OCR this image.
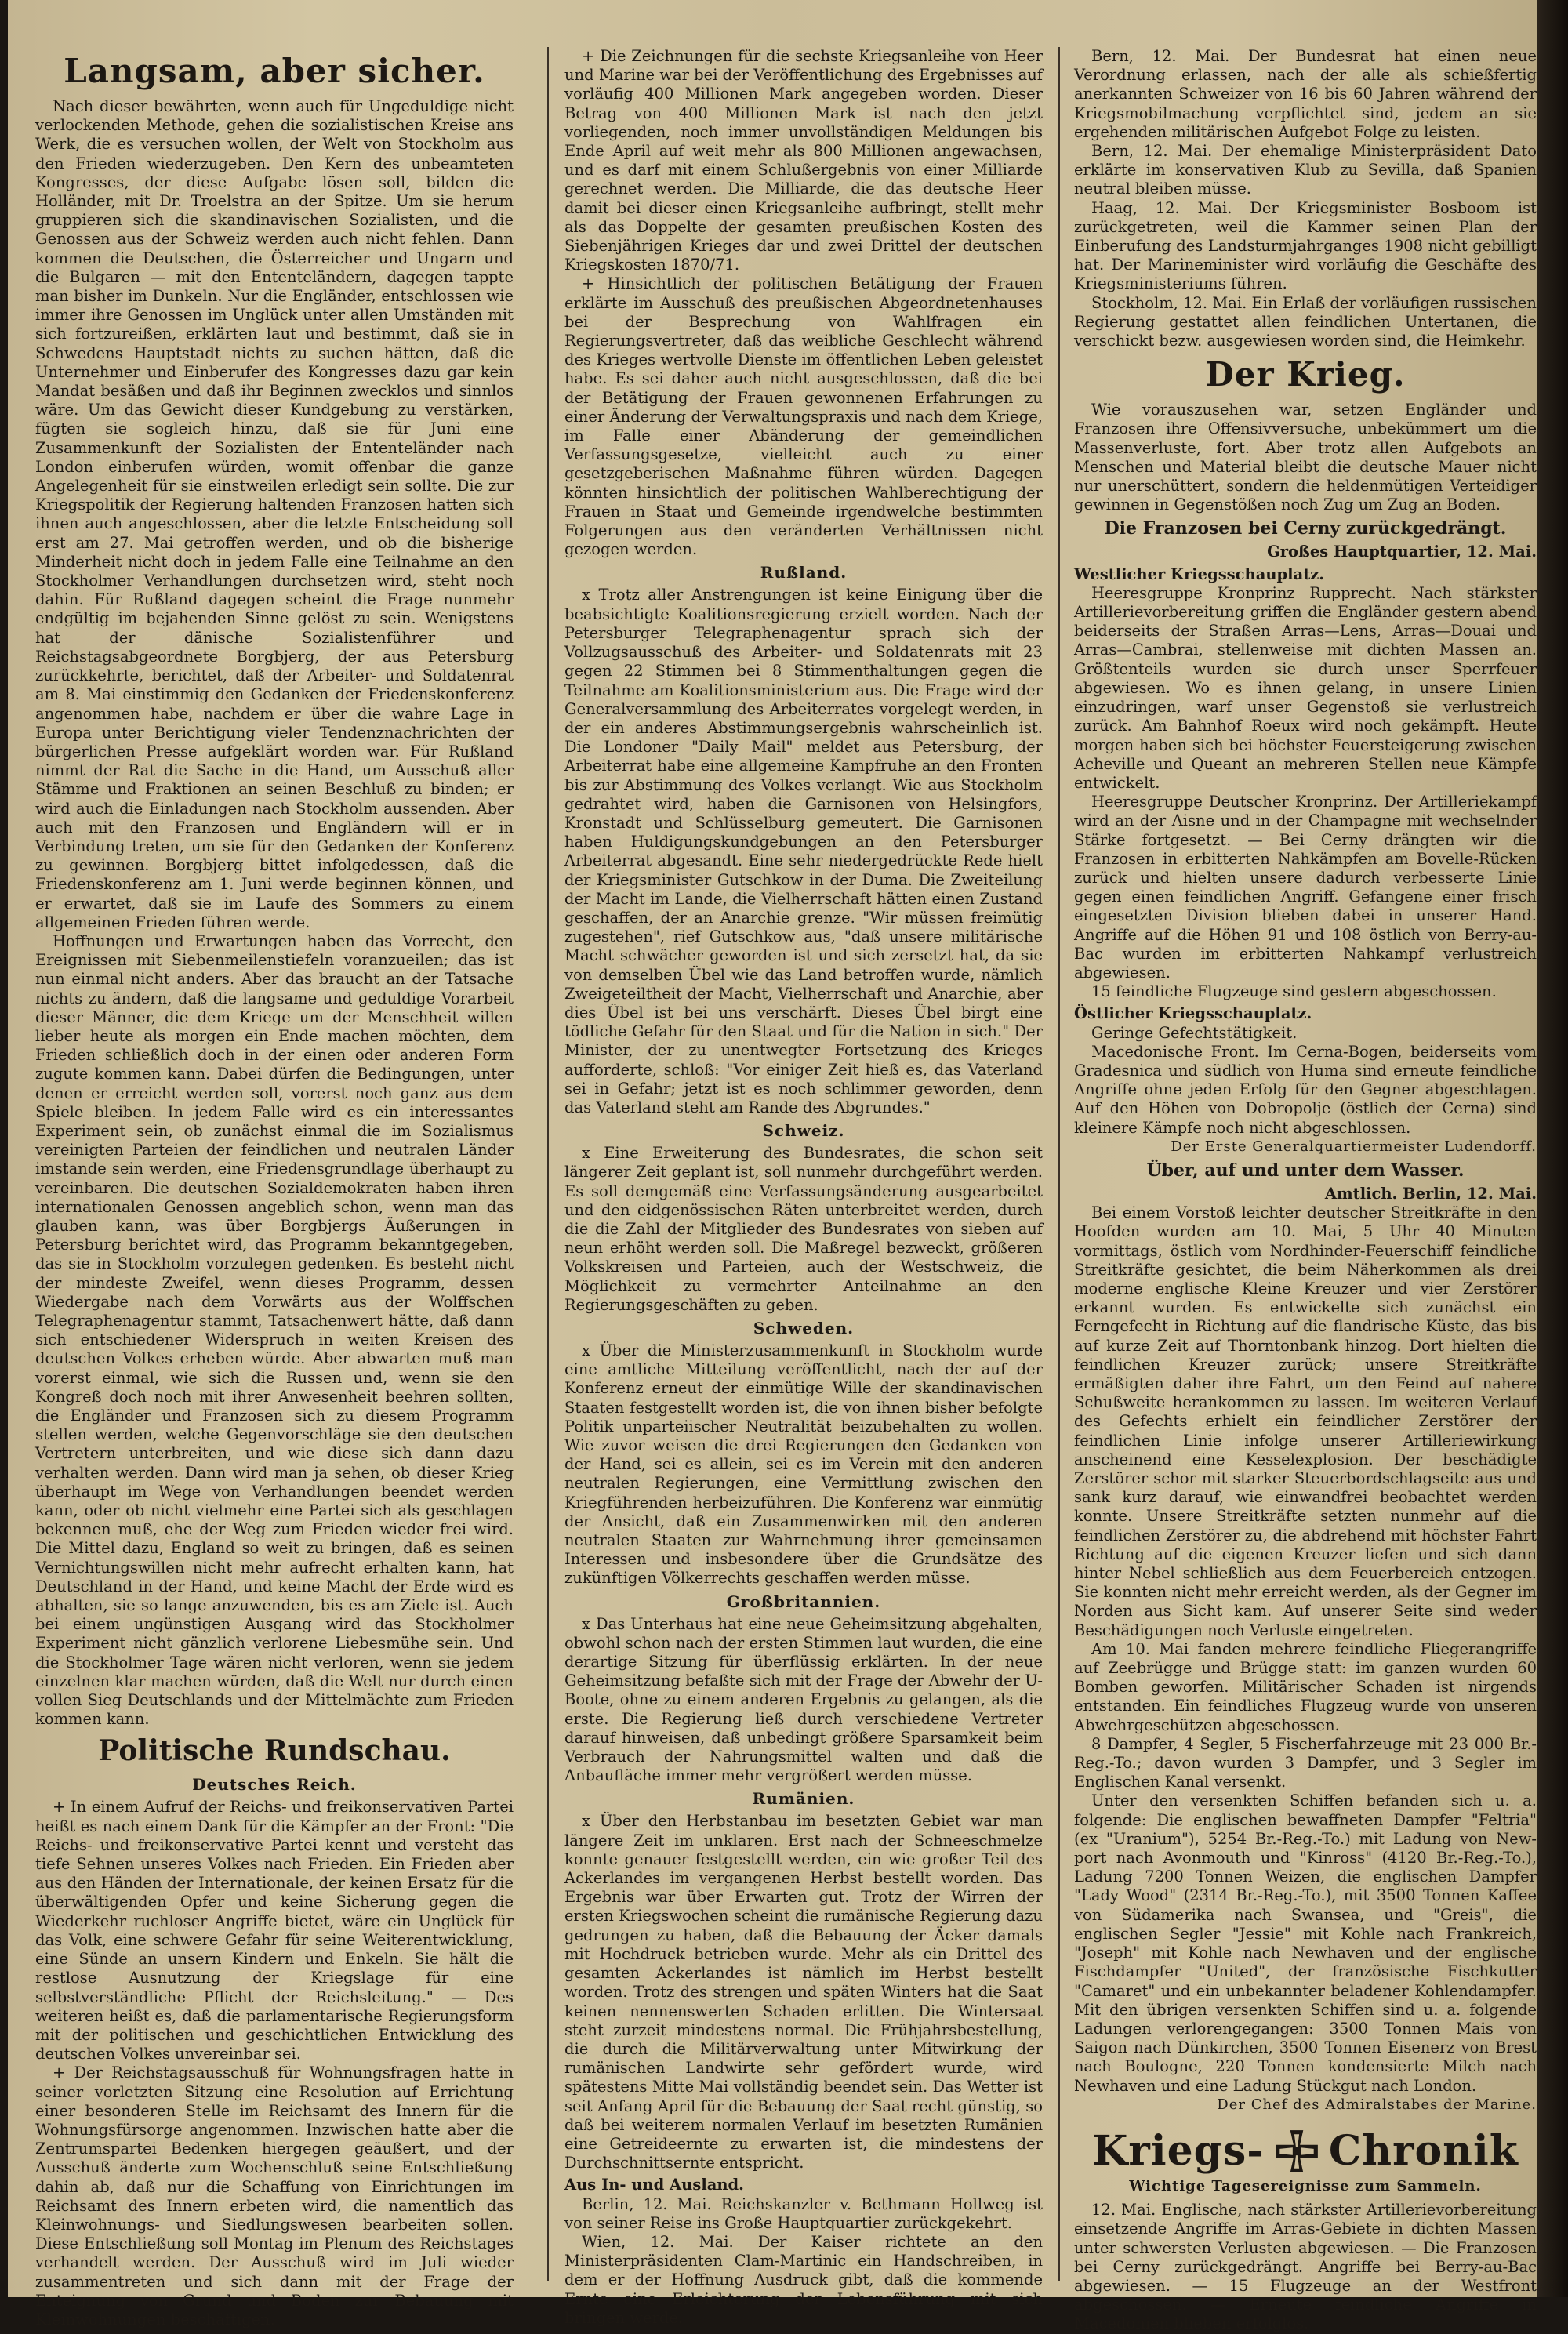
Langsam, aber sicher.

Nach dieser bewährten, wenn auch für Ungeduldige nicht verlockenden Methode, gehen die sozialistischen Kreise ans Werk, die es versuchen wollen, der Welt von Stockholm aus den Frieden wiederzugeben. Den Kern des unbeamteten Kongresses, der diese Aufgabe lösen soll, bilden die Holländer, mit Dr. Troelstra an der Spitze. Um sie herum gruppieren sich die skandinavischen Sozialisten, und die Genossen aus der Schweiz werden auch nicht fehlen. Dann kommen die Deutschen, die Österreicher und Ungarn und die Bulgaren — mit den Ententeländern, dagegen tappte man bisher im Dunkeln. Nur die Engländer, entschlossen wie immer ihre Genossen im Unglück unter allen Umständen mit sich fortzureißen, erklärten laut und bestimmt, daß sie in Schwedens Hauptstadt nichts zu suchen hätten, daß die Unternehmer und Einberufer des Kongresses dazu gar kein Mandat besäßen und daß ihr Beginnen zwecklos und sinnlos wäre. Um das Gewicht dieser Kundgebung zu verstärken, fügten sie sogleich hinzu, daß sie für Juni eine Zusammenkunft der Sozialisten der Ententeländer nach London einberufen würden, womit offenbar die ganze Angelegenheit für sie einstweilen erledigt sein sollte. Die zur Kriegspolitik der Regierung haltenden Franzosen hatten sich ihnen auch angeschlossen, aber die letzte Entscheidung soll erst am 27. Mai getroffen werden, und ob die bisherige Minderheit nicht doch in jedem Falle eine Teilnahme an den Stockholmer Verhandlungen durchsetzen wird, steht noch dahin. Für Rußland dagegen scheint die Frage nunmehr endgültig im bejahenden Sinne gelöst zu sein. Wenigstens hat der dänische Sozialistenführer und Reichstagsabgeordnete Borgbjerg, der aus Petersburg zurückkehrte, berichtet, daß der Arbeiter- und Soldatenrat am 8. Mai einstimmig den Gedanken der Friedenskonferenz angenommen habe, nachdem er über die wahre Lage in Europa unter Berichtigung vieler Tendenznachrichten der bürgerlichen Presse aufgeklärt worden war. Für Rußland nimmt der Rat die Sache in die Hand, um Ausschuß aller Stämme und Fraktionen an seinen Beschluß zu binden; er wird auch die Einladungen nach Stockholm aussenden. Aber auch mit den Franzosen und Engländern will er in Verbindung treten, um sie für den Gedanken der Konferenz zu gewinnen. Borgbjerg bittet infolgedessen, daß die Friedenskonferenz am 1. Juni werde beginnen können, und er erwartet, daß sie im Laufe des Sommers zu einem allgemeinen Frieden führen werde.

Hoffnungen und Erwartungen haben das Vorrecht, den Ereignissen mit Siebenmeilenstiefeln voranzueilen; das ist nun einmal nicht anders. Aber das braucht an der Tatsache nichts zu ändern, daß die langsame und geduldige Vorarbeit dieser Männer, die dem Kriege um der Menschheit willen lieber heute als morgen ein Ende machen möchten, dem Frieden schließlich doch in der einen oder anderen Form zugute kommen kann. Dabei dürfen die Bedingungen, unter denen er erreicht werden soll, vorerst noch ganz aus dem Spiele bleiben. In jedem Falle wird es ein interessantes Experiment sein, ob zunächst einmal die im Sozialismus vereinigten Parteien der feindlichen und neutralen Länder imstande sein werden, eine Friedensgrundlage überhaupt zu vereinbaren. Die deutschen Sozialdemokraten haben ihren internationalen Genossen angeblich schon, wenn man das glauben kann, was über Borgbjergs Äußerungen in Petersburg berichtet wird, das Programm bekanntgegeben, das sie in Stockholm vorzulegen gedenken. Es besteht nicht der mindeste Zweifel, wenn dieses Programm, dessen Wiedergabe nach dem Vorwärts aus der Wolffschen Telegraphenagentur stammt, Tatsachenwert hätte, daß dann sich entschiedener Widerspruch in weiten Kreisen des deutschen Volkes erheben würde. Aber abwarten muß man vorerst einmal, wie sich die Russen und, wenn sie den Kongreß doch noch mit ihrer Anwesenheit beehren sollten, die Engländer und Franzosen sich zu diesem Programm stellen werden, welche Gegenvorschläge sie den deutschen Vertretern unterbreiten, und wie diese sich dann dazu verhalten werden. Dann wird man ja sehen, ob dieser Krieg überhaupt im Wege von Verhandlungen beendet werden kann, oder ob nicht vielmehr eine Partei sich als geschlagen bekennen muß, ehe der Weg zum Frieden wieder frei wird. Die Mittel dazu, England so weit zu bringen, daß es seinen Vernichtungswillen nicht mehr aufrecht erhalten kann, hat Deutschland in der Hand, und keine Macht der Erde wird es abhalten, sie so lange anzuwenden, bis es am Ziele ist. Auch bei einem ungünstigen Ausgang wird das Stockholmer Experiment nicht gänzlich verlorene Liebesmühe sein. Und die Stockholmer Tage wären nicht verloren, wenn sie jedem einzelnen klar machen würden, daß die Welt nur durch einen vollen Sieg Deutschlands und der Mittelmächte zum Frieden kommen kann.

Politische Rundschau.
Deutsches Reich.

+ In einem Aufruf der Reichs- und freikonservativen Partei heißt es nach einem Dank für die Kämpfer an der Front: "Die Reichs- und freikonservative Partei kennt und versteht das tiefe Sehnen unseres Volkes nach Frieden. Ein Frieden aber aus den Händen der Internationale, der keinen Ersatz für die überwältigenden Opfer und keine Sicherung gegen die Wiederkehr ruchloser Angriffe bietet, wäre ein Unglück für das Volk, eine schwere Gefahr für seine Weiterentwicklung, eine Sünde an unsern Kindern und Enkeln. Sie hält die restlose Ausnutzung der Kriegslage für eine selbstverständliche Pflicht der Reichsleitung." — Des weiteren heißt es, daß die parlamentarische Regierungsform mit der politischen und geschichtlichen Entwicklung des deutschen Volkes unvereinbar sei.

+ Der Reichstagsausschuß für Wohnungsfragen hatte in seiner vorletzten Sitzung eine Resolution auf Errichtung einer besonderen Stelle im Reichsamt des Innern für die Wohnungsfürsorge angenommen. Inzwischen hatte aber die Zentrumspartei Bedenken hiergegen geäußert, und der Ausschuß änderte zum Wochenschluß seine Entschließung dahin ab, daß nur die Schaffung von Einrichtungen im Reichsamt des Innern erbeten wird, die namentlich das Kleinwohnungs- und Siedlungswesen bearbeiten sollen. Diese Entschließung soll Montag im Plenum des Reichstages verhandelt werden. Der Ausschuß wird im Juli wieder zusammentreten und sich dann mit der Frage der Enteignung von Grund und Boden zur Bebauung mit Kleinwohnungen beschäftigen.

+ Die Zeichnungen für die sechste Kriegsanleihe von Heer und Marine war bei der Veröffentlichung des Ergebnisses auf vorläufig 400 Millionen Mark angegeben worden. Dieser Betrag von 400 Millionen Mark ist nach den jetzt vorliegenden, noch immer unvollständigen Meldungen bis Ende April auf weit mehr als 800 Millionen angewachsen, und es darf mit einem Schlußergebnis von einer Milliarde gerechnet werden. Die Milliarde, die das deutsche Heer damit bei dieser einen Kriegsanleihe aufbringt, stellt mehr als das Doppelte der gesamten preußischen Kosten des Siebenjährigen Krieges dar und zwei Drittel der deutschen Kriegskosten 1870/71.

+ Hinsichtlich der politischen Betätigung der Frauen erklärte im Ausschuß des preußischen Abgeordnetenhauses bei der Besprechung von Wahlfragen ein Regierungsvertreter, daß das weibliche Geschlecht während des Krieges wertvolle Dienste im öffentlichen Leben geleistet habe. Es sei daher auch nicht ausgeschlossen, daß die bei der Betätigung der Frauen gewonnenen Erfahrungen zu einer Änderung der Verwaltungspraxis und nach dem Kriege, im Falle einer Abänderung der gemeindlichen Verfassungsgesetze, vielleicht auch zu einer gesetzgeberischen Maßnahme führen würden. Dagegen könnten hinsichtlich der politischen Wahlberechtigung der Frauen in Staat und Gemeinde irgendwelche bestimmten Folgerungen aus den veränderten Verhältnissen nicht gezogen werden.

Rußland.

x Trotz aller Anstrengungen ist keine Einigung über die beabsichtigte Koalitionsregierung erzielt worden. Nach der Petersburger Telegraphenagentur sprach sich der Vollzugsausschuß des Arbeiter- und Soldatenrats mit 23 gegen 22 Stimmen bei 8 Stimmenthaltungen gegen die Teilnahme am Koalitionsministerium aus. Die Frage wird der Generalversammlung des Arbeiterrates vorgelegt werden, in der ein anderes Abstimmungsergebnis wahrscheinlich ist. Die Londoner "Daily Mail" meldet aus Petersburg, der Arbeiterrat habe eine allgemeine Kampfruhe an den Fronten bis zur Abstimmung des Volkes verlangt. Wie aus Stockholm gedrahtet wird, haben die Garnisonen von Helsingfors, Kronstadt und Schlüsselburg gemeutert. Die Garnisonen haben Huldigungskundgebungen an den Petersburger Arbeiterrat abgesandt. Eine sehr niedergedrückte Rede hielt der Kriegsminister Gutschkow in der Duma. Die Zweiteilung der Macht im Lande, die Vielherrschaft hätten einen Zustand geschaffen, der an Anarchie grenze. "Wir müssen freimütig zugestehen", rief Gutschkow aus, "daß unsere militärische Macht schwächer geworden ist und sich zersetzt hat, da sie von demselben Übel wie das Land betroffen wurde, nämlich Zweigeteiltheit der Macht, Vielherrschaft und Anarchie, aber dies Übel ist bei uns verschärft. Dieses Übel birgt eine tödliche Gefahr für den Staat und für die Nation in sich." Der Minister, der zu unentwegter Fortsetzung des Krieges aufforderte, schloß: "Vor einiger Zeit hieß es, das Vaterland sei in Gefahr; jetzt ist es noch schlimmer geworden, denn das Vaterland steht am Rande des Abgrundes."

Schweiz.

x Eine Erweiterung des Bundesrates, die schon seit längerer Zeit geplant ist, soll nunmehr durchgeführt werden. Es soll demgemäß eine Verfassungsänderung ausgearbeitet und den eidgenössischen Räten unterbreitet werden, durch die die Zahl der Mitglieder des Bundesrates von sieben auf neun erhöht werden soll. Die Maßregel bezweckt, größeren Volkskreisen und Parteien, auch der Westschweiz, die Möglichkeit zu vermehrter Anteilnahme an den Regierungsgeschäften zu geben.

Schweden.

x Über die Ministerzusammenkunft in Stockholm wurde eine amtliche Mitteilung veröffentlicht, nach der auf der Konferenz erneut der einmütige Wille der skandinavischen Staaten festgestellt worden ist, die von ihnen bisher befolgte Politik unparteiischer Neutralität beizubehalten zu wollen. Wie zuvor weisen die drei Regierungen den Gedanken von der Hand, sei es allein, sei es im Verein mit den anderen neutralen Regierungen, eine Vermittlung zwischen den Kriegführenden herbeizuführen. Die Konferenz war einmütig der Ansicht, daß ein Zusammenwirken mit den anderen neutralen Staaten zur Wahrnehmung ihrer gemeinsamen Interessen und insbesondere über die Grundsätze des zukünftigen Völkerrechts geschaffen werden müsse.

Großbritannien.

x Das Unterhaus hat eine neue Geheimsitzung abgehalten, obwohl schon nach der ersten Stimmen laut wurden, die eine derartige Sitzung für überflüssig erklärten. In der neue Geheimsitzung befaßte sich mit der Frage der Abwehr der U-Boote, ohne zu einem anderen Ergebnis zu gelangen, als die erste. Die Regierung ließ durch verschiedene Vertreter darauf hinweisen, daß unbedingt größere Sparsamkeit beim Verbrauch der Nahrungsmittel walten und daß die Anbaufläche immer mehr vergrößert werden müsse.

Rumänien.

x Über den Herbstanbau im besetzten Gebiet war man längere Zeit im unklaren. Erst nach der Schneeschmelze konnte genauer festgestellt werden, ein wie großer Teil des Ackerlandes im vergangenen Herbst bestellt worden. Das Ergebnis war über Erwarten gut. Trotz der Wirren der ersten Kriegswochen scheint die rumänische Regierung dazu gedrungen zu haben, daß die Bebauung der Äcker damals mit Hochdruck betrieben wurde. Mehr als ein Drittel des gesamten Ackerlandes ist nämlich im Herbst bestellt worden. Trotz des strengen und späten Winters hat die Saat keinen nennenswerten Schaden erlitten. Die Wintersaat steht zurzeit mindestens normal. Die Frühjahrsbestellung, die durch die Militärverwaltung unter Mitwirkung der rumänischen Landwirte sehr gefördert wurde, wird spätestens Mitte Mai vollständig beendet sein. Das Wetter ist seit Anfang April für die Bebauung der Saat recht günstig, so daß bei weiterem normalen Verlauf im besetzten Rumänien eine Getreideernte zu erwarten ist, die mindestens der Durchschnittsernte entspricht.

Aus In- und Ausland.

Berlin, 12. Mai. Reichskanzler v. Bethmann Hollweg ist von seiner Reise ins Große Hauptquartier zurückgekehrt.

Wien, 12. Mai. Der Kaiser richtete an den Ministerpräsidenten Clam-Martinic ein Handschreiben, in dem er der Hoffnung Ausdruck gibt, daß die kommende Ernte eine Erleichterung der Lebensführung mit sich bringen werde.

Bern, 12. Mai. Der Bundesrat hat einen neue Verordnung erlassen, nach der alle als schießfertig anerkannten Schweizer von 16 bis 60 Jahren während der Kriegsmobilmachung verpflichtet sind, jedem an sie ergehenden militärischen Aufgebot Folge zu leisten.

Bern, 12. Mai. Der ehemalige Ministerpräsident Dato erklärte im konservativen Klub zu Sevilla, daß Spanien neutral bleiben müsse.

Haag, 12. Mai. Der Kriegsminister Bosboom ist zurückgetreten, weil die Kammer seinen Plan der Einberufung des Landsturmjahrganges 1908 nicht gebilligt hat. Der Marineminister wird vorläufig die Geschäfte des Kriegsministeriums führen.

Stockholm, 12. Mai. Ein Erlaß der vorläufigen russischen Regierung gestattet allen feindlichen Untertanen, die verschickt bezw. ausgewiesen worden sind, die Heimkehr.

Der Krieg.

Wie vorauszusehen war, setzen Engländer und Franzosen ihre Offensivversuche, unbekümmert um die Massenverluste, fort. Aber trotz allen Aufgebots an Menschen und Material bleibt die deutsche Mauer nicht nur unerschüttert, sondern die heldenmütigen Verteidiger gewinnen in Gegenstößen noch Zug um Zug an Boden.

Die Franzosen bei Cerny zurückgedrängt.
Großes Hauptquartier, 12. Mai.
Westlicher Kriegsschauplatz.

Heeresgruppe Kronprinz Rupprecht. Nach stärkster Artillerievorbereitung griffen die Engländer gestern abend beiderseits der Straßen Arras—Lens, Arras—Douai und Arras—Cambrai, stellenweise mit dichten Massen an. Größtenteils wurden sie durch unser Sperrfeuer abgewiesen. Wo es ihnen gelang, in unsere Linien einzudringen, warf unser Gegenstoß sie verlustreich zurück. Am Bahnhof Roeux wird noch gekämpft. Heute morgen haben sich bei höchster Feuersteigerung zwischen Acheville und Queant an mehreren Stellen neue Kämpfe entwickelt.

Heeresgruppe Deutscher Kronprinz. Der Artilleriekampf wird an der Aisne und in der Champagne mit wechselnder Stärke fortgesetzt. — Bei Cerny drängten wir die Franzosen in erbitterten Nahkämpfen am Bovelle-Rücken zurück und hielten unsere dadurch verbesserte Linie gegen einen feindlichen Angriff. Gefangene einer frisch eingesetzten Division blieben dabei in unserer Hand. Angriffe auf die Höhen 91 und 108 östlich von Berry-au-Bac wurden im erbitterten Nahkampf verlustreich abgewiesen.

15 feindliche Flugzeuge sind gestern abgeschossen.

Östlicher Kriegsschauplatz.

Geringe Gefechtstätigkeit.

Macedonische Front. Im Cerna-Bogen, beiderseits vom Gradesnica und südlich von Huma sind erneute feindliche Angriffe ohne jeden Erfolg für den Gegner abgeschlagen. Auf den Höhen von Dobropolje (östlich der Cerna) sind kleinere Kämpfe noch nicht abgeschlossen.

Der Erste Generalquartiermeister Ludendorff.
Über, auf und unter dem Wasser.
Amtlich. Berlin, 12. Mai.

Bei einem Vorstoß leichter deutscher Streitkräfte in den Hoofden wurden am 10. Mai, 5 Uhr 40 Minuten vormittags, östlich vom Nordhinder-Feuerschiff feindliche Streitkräfte gesichtet, die beim Näherkommen als drei moderne englische Kleine Kreuzer und vier Zerstörer erkannt wurden. Es entwickelte sich zunächst ein Ferngefecht in Richtung auf die flandrische Küste, das bis auf kurze Zeit auf Thorntonbank hinzog. Dort hielten die feindlichen Kreuzer zurück; unsere Streitkräfte ermäßigten daher ihre Fahrt, um den Feind auf nahere Schußweite herankommen zu lassen. Im weiteren Verlauf des Gefechts erhielt ein feindlicher Zerstörer der feindlichen Linie infolge unserer Artilleriewirkung anscheinend eine Kesselexplosion. Der beschädigte Zerstörer schor mit starker Steuerbordschlagseite aus und sank kurz darauf, wie einwandfrei beobachtet werden konnte. Unsere Streitkräfte setzten nunmehr auf die feindlichen Zerstörer zu, die abdrehend mit höchster Fahrt Richtung auf die eigenen Kreuzer liefen und sich dann hinter Nebel schließlich aus dem Feuerbereich entzogen. Sie konnten nicht mehr erreicht werden, als der Gegner im Norden aus Sicht kam. Auf unserer Seite sind weder Beschädigungen noch Verluste eingetreten.

Am 10. Mai fanden mehrere feindliche Fliegerangriffe auf Zeebrügge und Brügge statt: im ganzen wurden 60 Bomben geworfen. Militärischer Schaden ist nirgends entstanden. Ein feindliches Flugzeug wurde von unseren Abwehrgeschützen abgeschossen.

8 Dampfer, 4 Segler, 5 Fischerfahrzeuge mit 23 000 Br.-Reg.-To.; davon wurden 3 Dampfer, und 3 Segler im Englischen Kanal versenkt.

Unter den versenkten Schiffen befanden sich u. a. folgende: Die englischen bewaffneten Dampfer "Feltria" (ex "Uranium"), 5254 Br.-Reg.-To.) mit Ladung von New-port nach Avonmouth und "Kinross" (4120 Br.-Reg.-To.), Ladung 7200 Tonnen Weizen, die englischen Dampfer "Lady Wood" (2314 Br.-Reg.-To.), mit 3500 Tonnen Kaffee von Südamerika nach Swansea, und "Greis", die englischen Segler "Jessie" mit Kohle nach Frankreich, "Joseph" mit Kohle nach Newhaven und der englische Fischdampfer "United", der französische Fischkutter "Camaret" und ein unbekannter beladener Kohlendampfer. Mit den übrigen versenkten Schiffen sind u. a. folgende Ladungen verlorengegangen: 3500 Tonnen Mais von Saigon nach Dünkirchen, 3500 Tonnen Eisenerz von Brest nach Boulogne, 220 Tonnen kondensierte Milch nach Newhaven und eine Ladung Stückgut nach London.

Der Chef des Admiralstabes der Marine.
Kriegs- Chronik
Wichtige Tagesereignisse zum Sammeln.

12. Mai. Englische, nach stärkster Artillerievorbereitung einsetzende Angriffe im Arras-Gebiete in dichten Massen unter schwersten Verlusten abgewiesen. — Die Franzosen bei Cerny zurückgedrängt. Angriffe bei Berry-au-Bac abgewiesen. — 15 Flugzeuge an der Westfront abgeschossen. — Erneute feindliche Angriffe in Macedonien blieben erfolglos.
